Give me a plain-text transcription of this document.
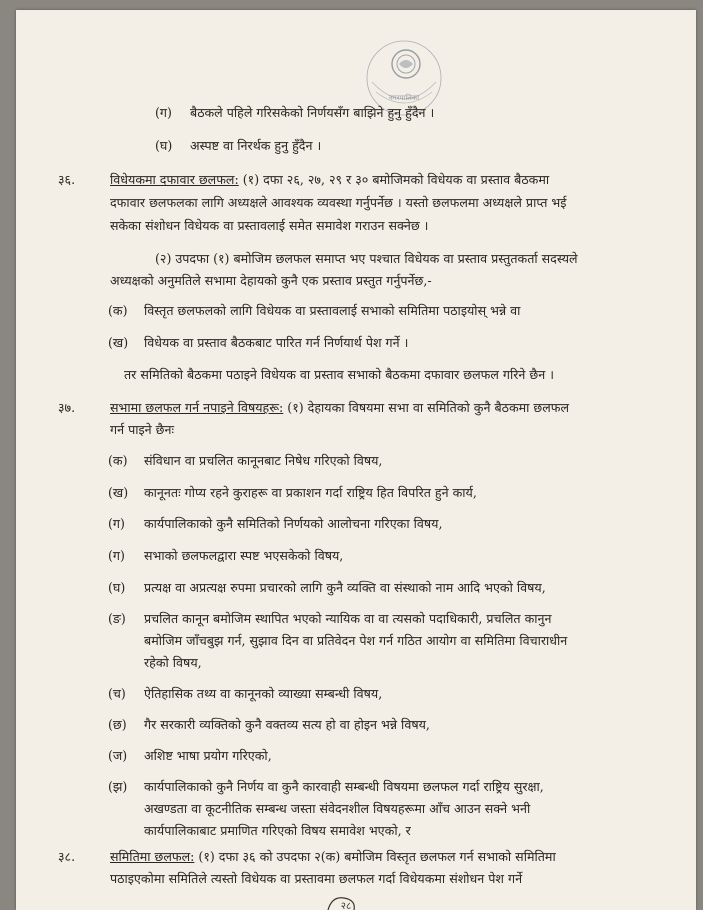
नगरपालिका
(ग) बैठकले पहिले गरिसकेको निर्णयसँग बाझिने हुनु हुँदैन ।
(घ) अस्पष्ट वा निरर्थक हुनु हुँदैन ।
३६.	विधेयकमा दफावार छलफल: (१) दफा २६, २७, २९ र ३० बमोजिमको विधेयक वा प्रस्ताव बैठकमा
दफावार छलफलका लागि अध्यक्षले आवश्यक व्यवस्था गर्नुपर्नेछ । यस्तो छलफलमा अध्यक्षले प्राप्त भई
सकेका संशोधन विधेयक वा प्रस्तावलाई समेत समावेश गराउन सक्नेछ ।
(२) उपदफा (१) बमोजिम छलफल समाप्त भए पश्चात विधेयक वा प्रस्ताव प्रस्तुतकर्ता सदस्यले
अध्यक्षको अनुमतिले सभामा देहायको कुनै एक प्रस्ताव प्रस्तुत गर्नुपर्नेछ,-
(क) विस्तृत छलफलको लागि विधेयक वा प्रस्तावलाई सभाको समितिमा पठाइयोस् भन्ने वा
(ख) विधेयक वा प्रस्ताव बैठकबाट पारित गर्न निर्णयार्थ पेश गर्ने ।
तर समितिको बैठकमा पठाइने विधेयक वा प्रस्ताव सभाको बैठकमा दफावार छलफल गरिने छैन ।
३७.	सभामा छलफल गर्न नपाइने विषयहरू: (१) देहायका विषयमा सभा वा समितिको कुनै बैठकमा छलफल
गर्न पाइने छैनः
(क) संविधान वा प्रचलित कानूनबाट निषेध गरिएको विषय,
(ख) कानूनतः गोप्य रहने कुराहरू वा प्रकाशन गर्दा राष्ट्रिय हित विपरित हुने कार्य,
(ग) कार्यपालिकाको कुनै समितिको निर्णयको आलोचना गरिएका विषय,
(ग) सभाको छलफलद्वारा स्पष्ट भएसकेको विषय,
(घ) प्रत्यक्ष वा अप्रत्यक्ष रुपमा प्रचारको लागि कुनै व्यक्ति वा संस्थाको नाम आदि भएको विषय,
(ङ) प्रचलित कानून बमोजिम स्थापित भएको न्यायिक वा वा त्यसको पदाधिकारी, प्रचलित कानुन
बमोजिम जाँचबुझ गर्न, सुझाव दिन वा प्रतिवेदन पेश गर्न गठित आयोग वा समितिमा विचाराधीन
रहेको विषय,
(च) ऐतिहासिक तथ्य वा कानूनको व्याख्या सम्बन्धी विषय,
(छ) गैर सरकारी व्यक्तिको कुनै वक्तव्य सत्य हो वा होइन भन्ने विषय,
(ज) अशिष्ट भाषा प्रयोग गरिएको,
(झ) कार्यपालिकाको कुनै निर्णय वा कुनै कारवाही सम्बन्धी विषयमा छलफल गर्दा राष्ट्रिय सुरक्षा,
अखण्डता वा कूटनीतिक सम्बन्ध जस्ता संवेदनशील विषयहरूमा आँच आउन सक्ने भनी
कार्यपालिकाबाट प्रमाणित गरिएको विषय समावेश भएको, र
३८.	समितिमा छलफल: (१) दफा ३६ को उपदफा २(क) बमोजिम विस्तृत छलफल गर्न सभाको समितिमा
पठाइएकोमा समितिले त्यस्तो विधेयक वा प्रस्तावमा छलफल गर्दा विधेयकमा संशोधन पेश गर्ने
२८
